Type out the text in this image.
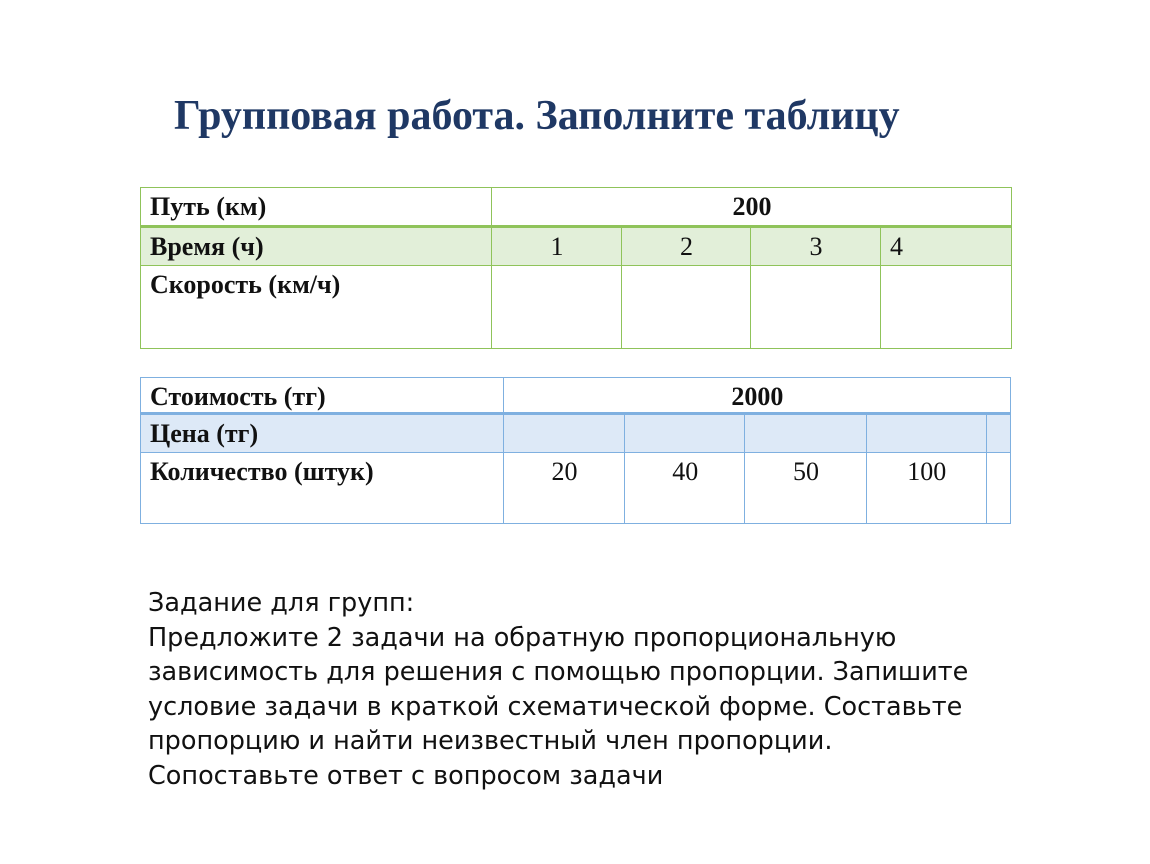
Групповая работа. Заполните таблицу
Путь (км)	200			
Время (ч)	1	2	3	4
Скорость (км/ч)				
Стоимость (тг)	2000				
Цена (тг)					
Количество (штук)	20	40	50	100	
Задание для групп:
Предложите 2 задачи на обратную пропорциональную
зависимость для решения с помощью пропорции. Запишите
условие задачи в краткой схематической форме. Составьте
пропорцию и найти неизвестный член пропорции.
Сопоставьте ответ с вопросом задачи
